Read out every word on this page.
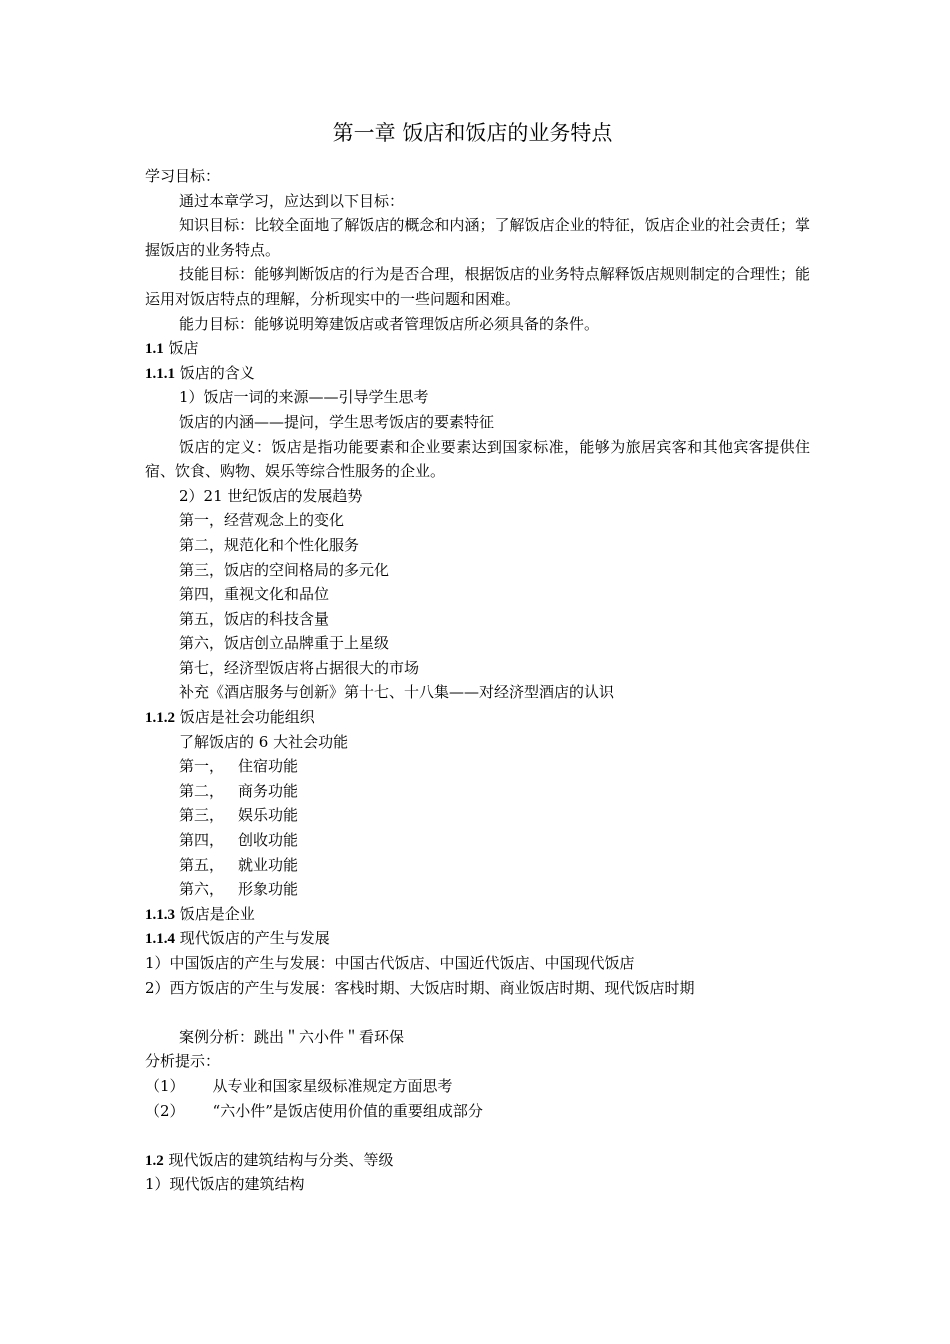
第一章 饭店和饭店的业务特点
学习目标：
通过本章学习，应达到以下目标：
知识目标：比较全面地了解饭店的概念和内涵；了解饭店企业的特征，饭店企业的社会责任；掌握饭店的业务特点。
技能目标：能够判断饭店的行为是否合理，根据饭店的业务特点解释饭店规则制定的合理性；能运用对饭店特点的理解，分析现实中的一些问题和困难。
能力目标：能够说明筹建饭店或者管理饭店所必须具备的条件。
1.1 饭店
1.1.1 饭店的含义
1）饭店一词的来源——引导学生思考
饭店的内涵——提问，学生思考饭店的要素特征
饭店的定义：饭店是指功能要素和企业要素达到国家标准，能够为旅居宾客和其他宾客提供住宿、饮食、购物、娱乐等综合性服务的企业。
2）21 世纪饭店的发展趋势
第一，经营观念上的变化
第二，规范化和个性化服务
第三，饭店的空间格局的多元化
第四，重视文化和品位
第五，饭店的科技含量
第六，饭店创立品牌重于上星级
第七，经济型饭店将占据很大的市场
补充《酒店服务与创新》第十七、十八集——对经济型酒店的认识
1.1.2 饭店是社会功能组织
了解饭店的 6 大社会功能
第一， 住宿功能
第二， 商务功能
第三， 娱乐功能
第四， 创收功能
第五， 就业功能
第六， 形象功能
1.1.3 饭店是企业
1.1.4 现代饭店的产生与发展
1）中国饭店的产生与发展：中国古代饭店、中国近代饭店、中国现代饭店
2）西方饭店的产生与发展：客栈时期、大饭店时期、商业饭店时期、现代饭店时期
案例分析：跳出＂六小件＂看环保
分析提示：
（1） 从专业和国家星级标准规定方面思考
（2） “六小件”是饭店使用价值的重要组成部分
1.2 现代饭店的建筑结构与分类、等级
1）现代饭店的建筑结构
